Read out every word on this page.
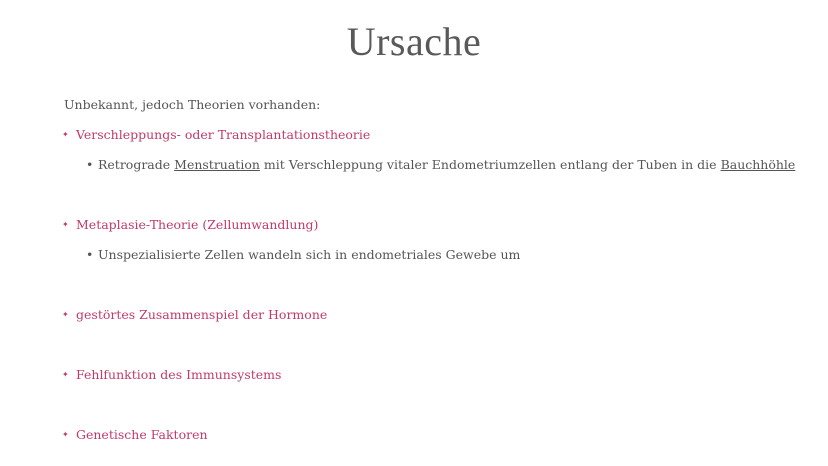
Ursache
Unbekannt, jedoch Theorien vorhanden:
✦ Verschleppungs- oder Transplantationstheorie
• Retrograde Menstruation mit Verschleppung vitaler Endometriumzellen entlang der Tuben in die Bauchhöhle
✦ Metaplasie-Theorie (Zellumwandlung)
• Unspezialisierte Zellen wandeln sich in endometriales Gewebe um
✦ gestörtes Zusammenspiel der Hormone
✦ Fehlfunktion des Immunsystems
✦ Genetische Faktoren
